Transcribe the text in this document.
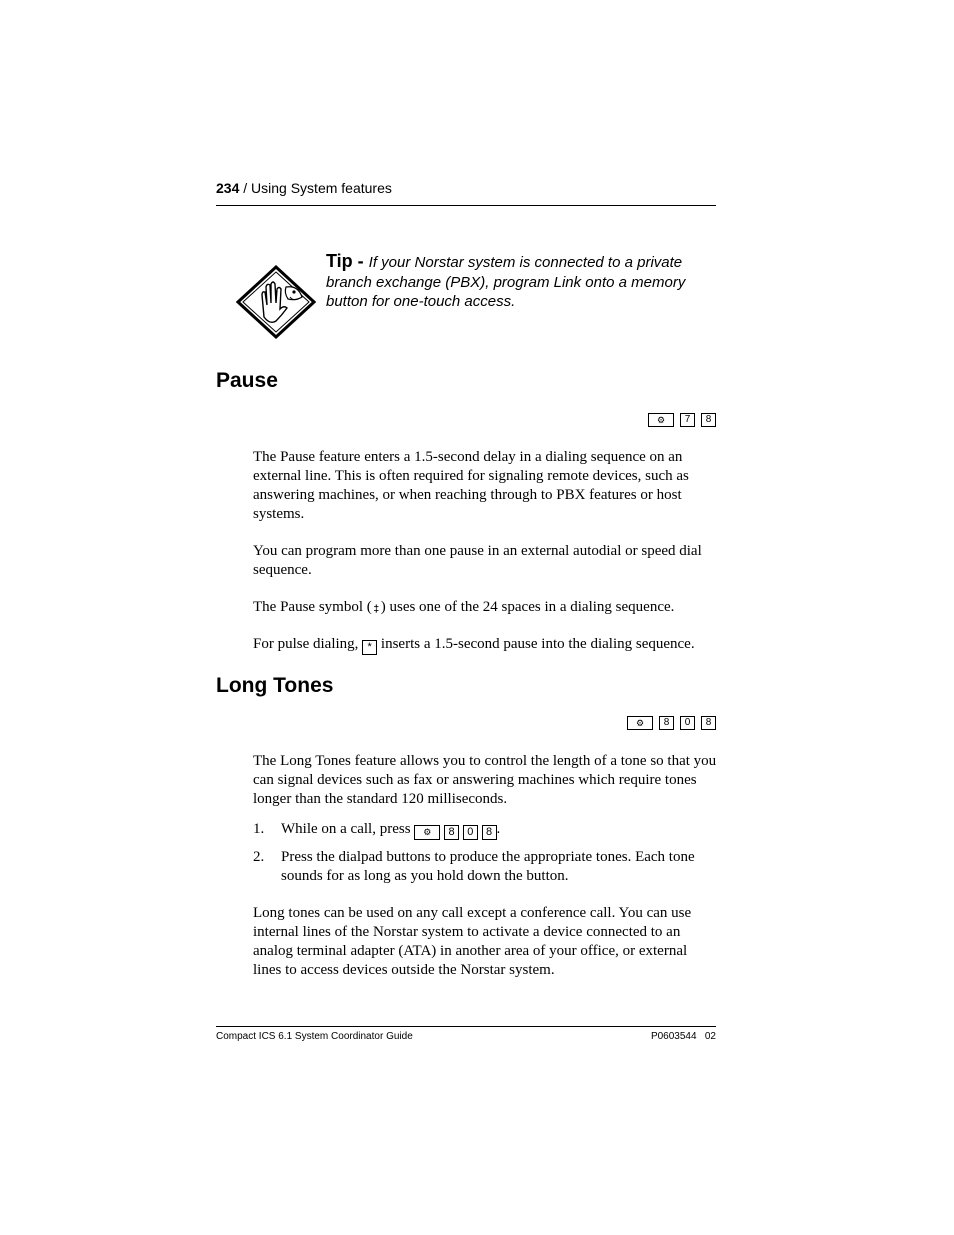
234 / Using System features
Tip - If your Norstar system is connected to a private branch exchange (PBX), program Link onto a memory button for one-touch access.
Pause
⚙	7	8
The Pause feature enters a 1.5-second delay in a dialing sequence on an external line. This is often required for signaling remote devices, such as answering machines, or when reaching through to PBX features or host systems.
You can program more than one pause in an external autodial or speed dial sequence.
The Pause symbol ( ‡ ) uses one of the 24 spaces in a dialing sequence.
For pulse dialing, * inserts a 1.5-second pause into the dialing sequence.
Long Tones
⚙	8	0	8
The Long Tones feature allows you to control the length of a tone so that you can signal devices such as fax or answering machines which require tones longer than the standard 120 milliseconds.
1.	While on a call, press ⚙ 8 0 8 .
2.	Press the dialpad buttons to produce the appropriate tones. Each tone sounds for as long as you hold down the button.
Long tones can be used on any call except a conference call. You can use internal lines of the Norstar system to activate a device connected to an analog terminal adapter (ATA) in another area of your office, or external lines to access devices outside the Norstar system.
Compact ICS 6.1 System Coordinator Guide	P0603544   02
